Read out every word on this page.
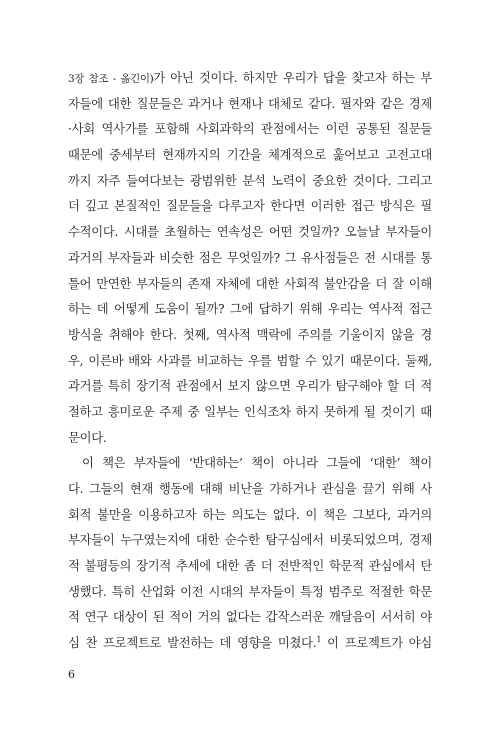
3장 참조 - 옮긴이)가 아닌 것이다. 하지만 우리가 답을 찾고자 하는 부
자들에 대한 질문들은 과거나 현재나 대체로 같다. 필자와 같은 경제
·사회 역사가를 포함해 사회과학의 관점에서는 이런 공통된 질문들
때문에 중세부터 현재까지의 기간을 체계적으로 훑어보고 고전고대
까지 자주 들여다보는 광범위한 분석 노력이 중요한 것이다. 그리고
더 깊고 본질적인 질문들을 다루고자 한다면 이러한 접근 방식은 필
수적이다. 시대를 초월하는 연속성은 어떤 것일까? 오늘날 부자들이
과거의 부자들과 비슷한 점은 무엇일까? 그 유사점들은 전 시대를 통
틀어 만연한 부자들의 존재 자체에 대한 사회적 불안감을 더 잘 이해
하는 데 어떻게 도움이 될까? 그에 답하기 위해 우리는 역사적 접근
방식을 취해야 한다. 첫째, 역사적 맥락에 주의를 기울이지 않을 경
우, 이른바 배와 사과를 비교하는 우를 범할 수 있기 때문이다. 둘째,
과거를 특히 장기적 관점에서 보지 않으면 우리가 탐구해야 할 더 적
절하고 흥미로운 주제 중 일부는 인식조차 하지 못하게 될 것이기 때
문이다.
이 책은 부자들에 ‘반대하는’ 책이 아니라 그들에 ‘대한’ 책이
다. 그들의 현재 행동에 대해 비난을 가하거나 관심을 끌기 위해 사
회적 불만을 이용하고자 하는 의도는 없다. 이 책은 그보다, 과거의
부자들이 누구였는지에 대한 순수한 탐구심에서 비롯되었으며, 경제
적 불평등의 장기적 추세에 대한 좀 더 전반적인 학문적 관심에서 탄
생했다. 특히 산업화 이전 시대의 부자들이 특정 범주로 적절한 학문
적 연구 대상이 된 적이 거의 없다는 갑작스러운 깨달음이 서서히 야
심 찬 프로젝트로 발전하는 데 영향을 미쳤다.$^1$ 이 프로젝트가 야심
6
